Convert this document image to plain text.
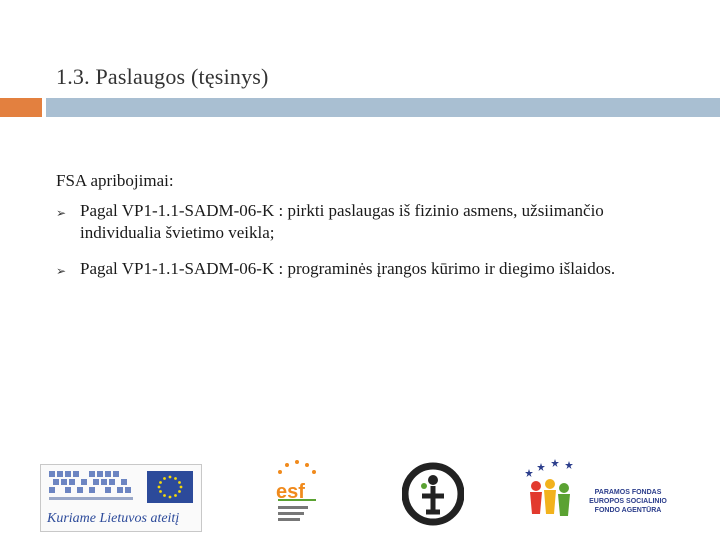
1.3. Paslaugos (tęsinys)
FSA apribojimai:
➢ Pagal VP1-1.1-SADM-06-K : pirkti paslaugas iš fizinio asmens, užsiimančio individualia švietimo veikla;
➢ Pagal VP1-1.1-SADM-06-K : programinės įrangos kūrimo ir diegimo išlaidos.
Kuriame Lietuvos ateitį
esf	PARAMOS FONDAS
EUROPOS SOCIALINIO
FONDO AGENTŪRA
